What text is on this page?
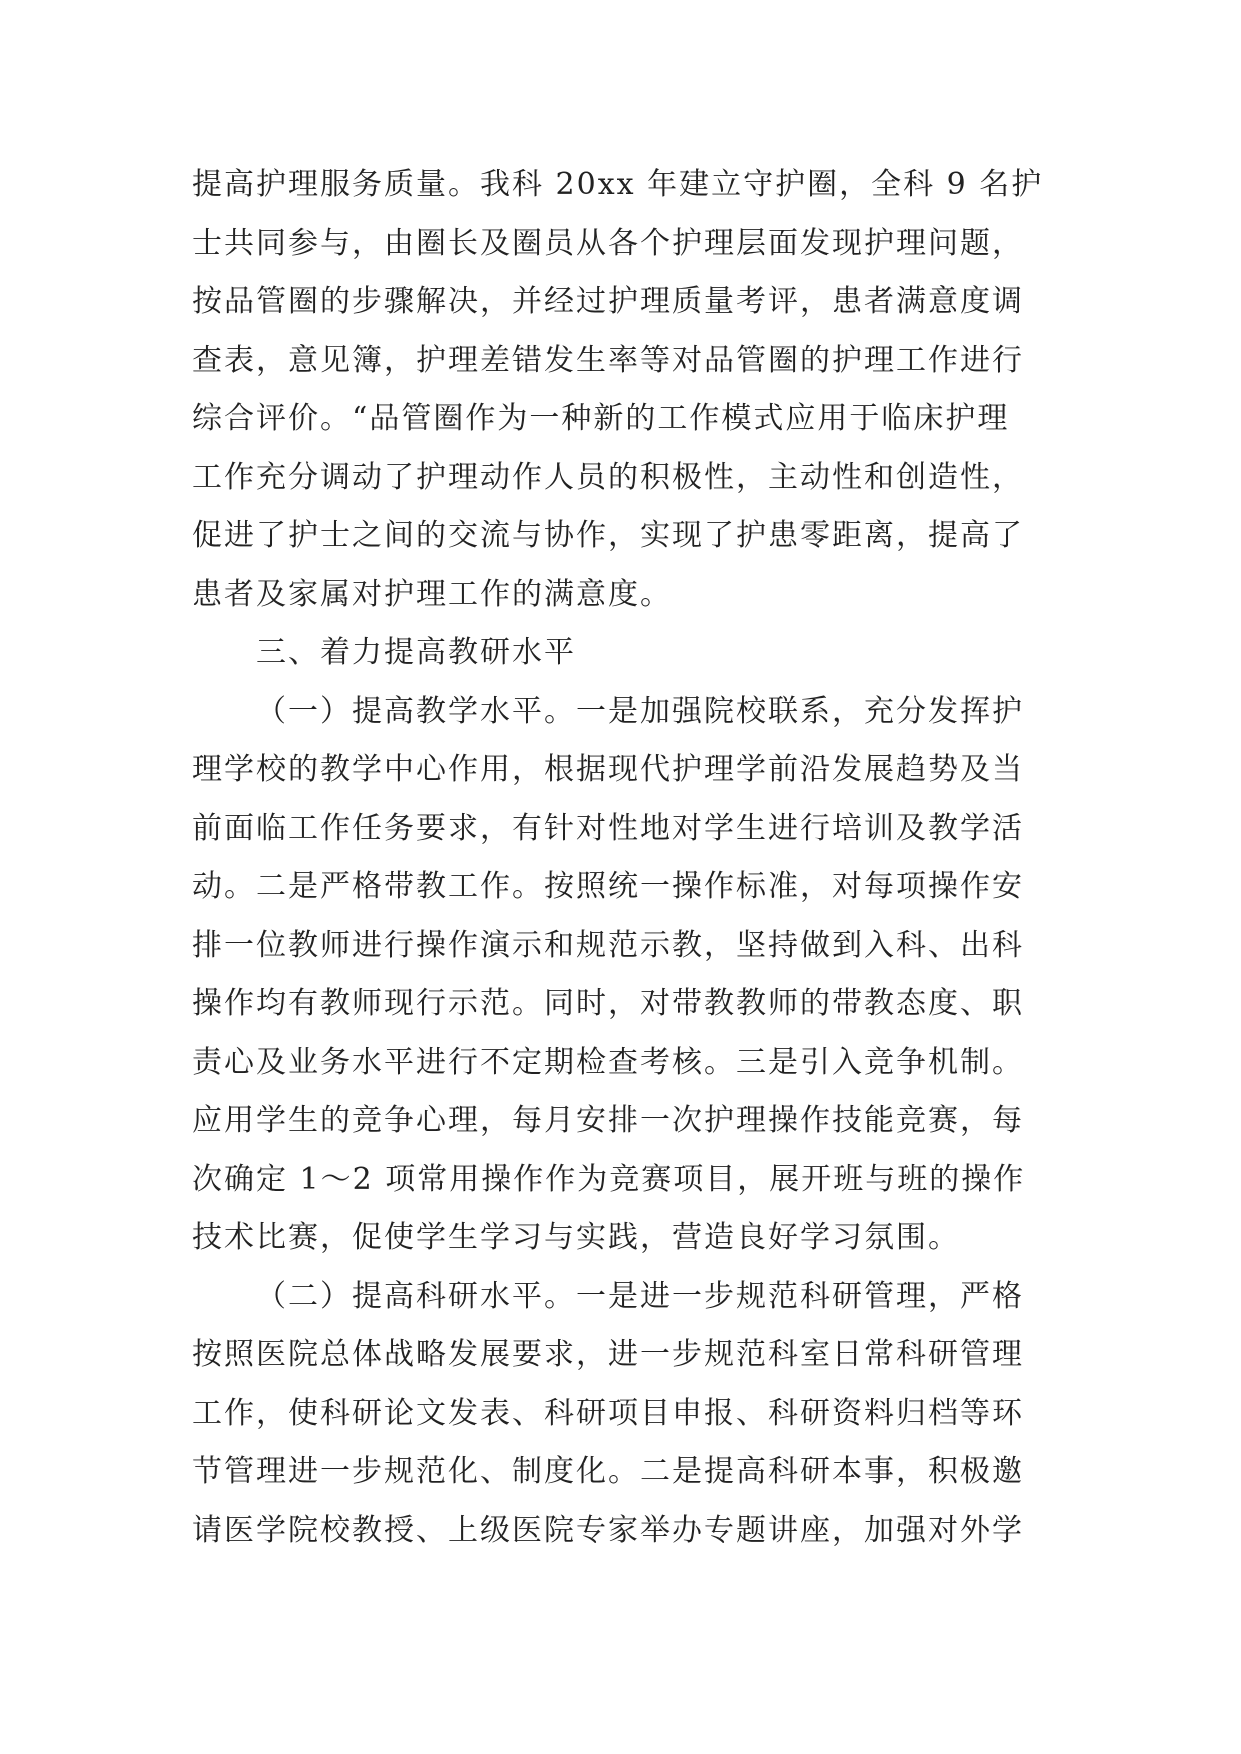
提高护理服务质量。我科 20xx 年建立守护圈，全科 9 名护
士共同参与，由圈长及圈员从各个护理层面发现护理问题，
按品管圈的步骤解决，并经过护理质量考评，患者满意度调
查表，意见簿，护理差错发生率等对品管圈的护理工作进行
综合评价。“品管圈作为一种新的工作模式应用于临床护理
工作充分调动了护理动作人员的积极性，主动性和创造性，
促进了护士之间的交流与协作，实现了护患零距离，提高了
患者及家属对护理工作的满意度。
三、着力提高教研水平
（一）提高教学水平。一是加强院校联系，充分发挥护
理学校的教学中心作用，根据现代护理学前沿发展趋势及当
前面临工作任务要求，有针对性地对学生进行培训及教学活
动。二是严格带教工作。按照统一操作标准，对每项操作安
排一位教师进行操作演示和规范示教，坚持做到入科、出科
操作均有教师现行示范。同时，对带教教师的带教态度、职
责心及业务水平进行不定期检查考核。三是引入竞争机制。
应用学生的竞争心理，每月安排一次护理操作技能竞赛，每
次确定 1～2 项常用操作作为竞赛项目，展开班与班的操作
技术比赛，促使学生学习与实践，营造良好学习氛围。
（二）提高科研水平。一是进一步规范科研管理，严格
按照医院总体战略发展要求，进一步规范科室日常科研管理
工作，使科研论文发表、科研项目申报、科研资料归档等环
节管理进一步规范化、制度化。二是提高科研本事，积极邀
请医学院校教授、上级医院专家举办专题讲座，加强对外学
